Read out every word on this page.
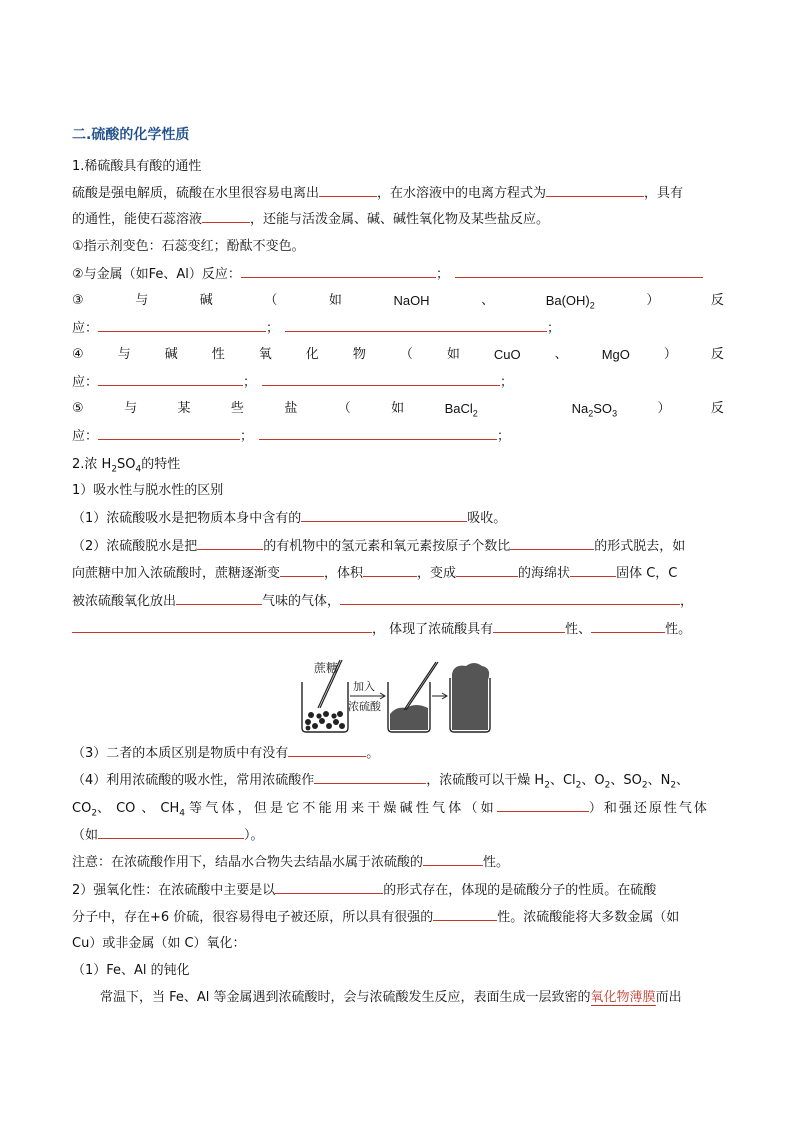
二.硫酸的化学性质
1.稀硫酸具有酸的通性
硫酸是强电解质，硫酸在水里很容易电离出	，在水溶液中的电离方程式为	，具有
的通性，能使石蕊溶液	，还能与活泼金属、碱、碱性氧化物及某些盐反应。
①指示剂变色：石蕊变红；酚酞不变色。
②与金属（如Fe、Al）反应：	；
③	与	碱	（	如	NaOH	、	$Ba(OH)_2$	）	反
应：	；	；
④	与	碱	性	氧	化	物	（	如	CuO	、	MgO	）	反
应：	；	；
⑤	与	某	些	盐	（	如	BaCl$_2$	$Na_2SO_3$	）	反
应：	；	；
2.浓 $H_2SO_4$的特性
1）吸水性与脱水性的区别
（1）浓硫酸吸水是把物质本身中含有的	吸收。
（2）浓硫酸脱水是把	的有机物中的氢元素和氧元素按原子个数比	的形式脱去，如
向蔗糖中加入浓硫酸时，蔗糖逐渐变	，体积	，变成	的海绵状	固体 C，C
被浓硫酸氧化放出	气味的气体，	，
， 体现了浓硫酸具有	性、	性。
蔗糖
加入
浓硫酸
（3）二者的本质区别是物质中有没有	。
（4）利用浓硫酸的吸水性，常用浓硫酸作	，浓硫酸可以干燥 $H_2$、$Cl_2$、$O_2$、$SO_2$、$N_2$、
$CO_2$、 CO 、 $CH_4$ 等气体，但是它不能用来干燥碱性气体（如	）和强还原性气体
（如	）。
注意：在浓硫酸作用下，结晶水合物失去结晶水属于浓硫酸的	性。
2）强氧化性：在浓硫酸中主要是以	的形式存在，体现的是硫酸分子的性质。在硫酸
分子中，存在+6 价硫，很容易得电子被还原，所以具有很强的	性。浓硫酸能将大多数金属（如
Cu）或非金属（如 C）氧化：
（1）Fe、Al 的钝化
常温下，当 Fe、Al 等金属遇到浓硫酸时，会与浓硫酸发生反应，表面生成一层致密的氧化物薄膜而出
